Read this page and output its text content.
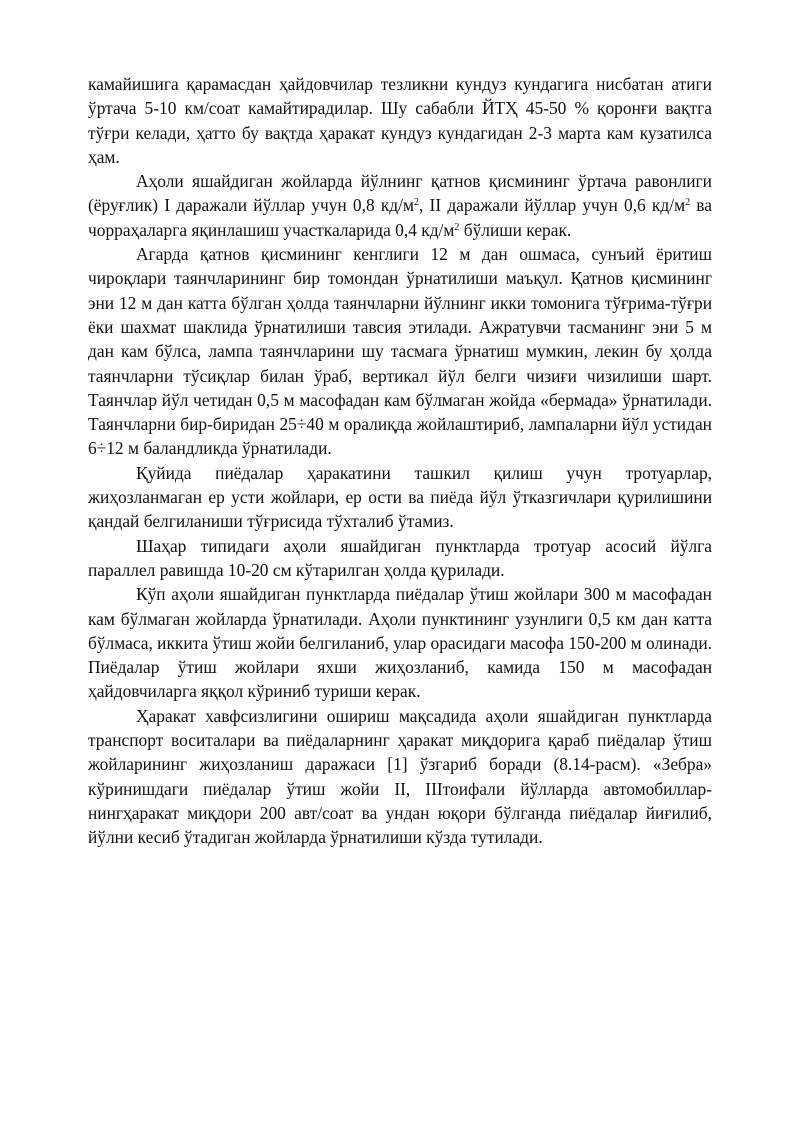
камайишига қарамасдан ҳайдовчилар тезликни кундуз кундагига нисбатан атиги ўртача 5-10 км/соат камайтирадилар. Шу сабабли ЙТҲ 45-50 % қоронғи вақтга тўғри келади, ҳатто бу вақтда ҳаракат кундуз кундагидан 2-3 марта кам кузатилса ҳам.

Аҳоли яшайдиган жойларда йўлнинг қатнов қисмининг ўртача равонлиги (ёруғлик) I даражали йўллар учун 0,8 $кд/м^2$, II даражали йўллар учун 0,6 $кд/м^2$ ва чорраҳаларга яқинлашиш участкаларида 0,4 $кд/м^2$ бўлиши керак.

Агарда қатнов қисмининг кенглиги 12 м дан ошмаса, сунъий ёритиш чироқлари таянчларининг бир томондан ўрнатилиши маъқул. Қатнов қисмининг эни 12 м дан катта бўлган ҳолда таянчларни йўлнинг икки томонига тўғрима-тўғри ёки шахмат шаклида ўрнатилиши тавсия этилади. Ажратувчи тасманинг эни 5 м дан кам бўлса, лампа таянчларини шу тасмага ўрнатиш мумкин, лекин бу ҳолда таянчларни тўсиқлар билан ўраб, вертикал йўл белги чизиғи чизилиши шарт. Таянчлар йўл четидан 0,5 м масофадан кам бўлмаган жойда «бермада» ўрнатилади. Таянчларни бир-биридан 25÷40 м оралиқда жойлаштириб, лампаларни йўл устидан 6÷12 м баландликда ўрнатилади.

Қуйида пиёдалар ҳаракатини ташкил қилиш учун тротуарлар, жиҳозланмаган ер усти жойлари, ер ости ва пиёда йўл ўтказгичлари қурилишини қандай белгиланиши тўғрисида тўхталиб ўтамиз.

Шаҳар типидаги аҳоли яшайдиган пунктларда тротуар асосий йўлга параллел равишда 10-20 см кўтарилган ҳолда қурилади.

Кўп аҳоли яшайдиган пунктларда пиёдалар ўтиш жойлари 300 м масофадан кам бўлмаган жойларда ўрнатилади. Аҳоли пунктининг узунлиги 0,5 км дан катта бўлмаса, иккита ўтиш жойи белгиланиб, улар орасидаги масофа 150-200 м олинади. Пиёдалар ўтиш жойлари яхши жиҳозланиб, камида 150 м масофадан ҳайдовчиларга яққол кўриниб туриши керак.

Ҳаракат хавфсизлигини ошириш мақсадида аҳоли яшайдиган пунктларда транспорт воситалари ва пиёдаларнинг ҳаракат миқдорига қараб пиёдалар ўтиш жойларининг жиҳозланиш даражаси [1] ўзгариб боради (8.14-расм). «Зебра» кўринишдаги пиёдалар ўтиш жойи II, IIIтоифали йўлларда автомобилларнингҳаракат миқдори 200 авт/соат ва ундан юқори бўлганда пиёдалар йиғилиб, йўлни кесиб ўтадиган жойларда ўрнатилиши кўзда тутилади.
